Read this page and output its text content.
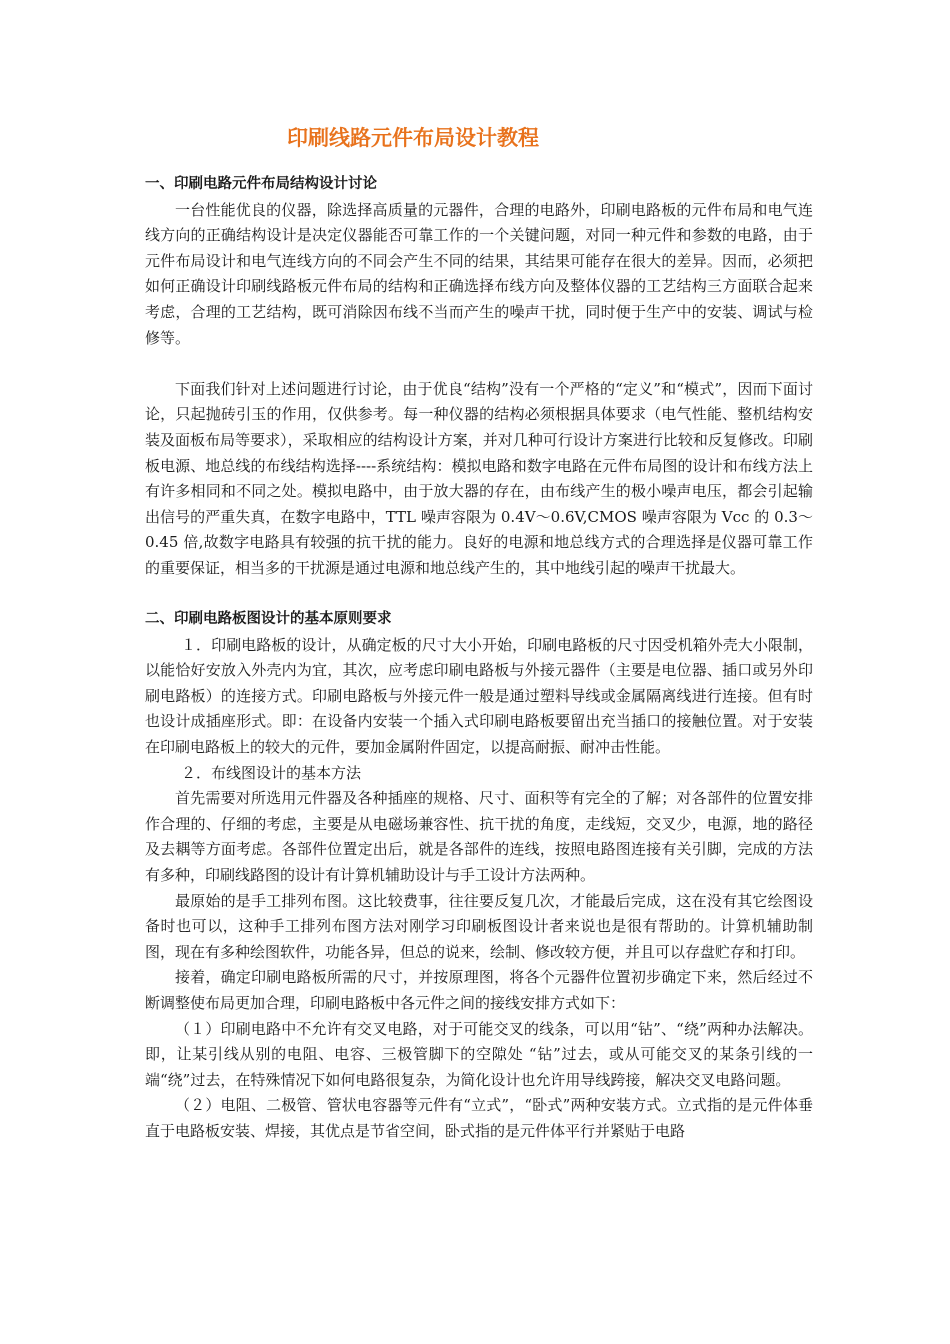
印刷线路元件布局设计教程

一、印刷电路元件布局结构设计讨论

一台性能优良的仪器，除选择高质量的元器件，合理的电路外，印刷电路板的元件布局和电气连线方向的正确结构设计是决定仪器能否可靠工作的一个关键问题，对同一种元件和参数的电路，由于元件布局设计和电气连线方向的不同会产生不同的结果，其结果可能存在很大的差异。因而，必须把如何正确设计印刷线路板元件布局的结构和正确选择布线方向及整体仪器的工艺结构三方面联合起来考虑，合理的工艺结构，既可消除因布线不当而产生的噪声干扰，同时便于生产中的安装、调试与检修等。

下面我们针对上述问题进行讨论，由于优良“结构”没有一个严格的“定义”和“模式”，因而下面讨论，只起抛砖引玉的作用，仅供参考。每一种仪器的结构必须根据具体要求（电气性能、整机结构安装及面板布局等要求），采取相应的结构设计方案，并对几种可行设计方案进行比较和反复修改。印刷板电源、地总线的布线结构选择----系统结构：模拟电路和数字电路在元件布局图的设计和布线方法上有许多相同和不同之处。模拟电路中，由于放大器的存在，由布线产生的极小噪声电压，都会引起输出信号的严重失真，在数字电路中，TTL 噪声容限为 0.4V～0.6V,CMOS 噪声容限为 Vcc 的 0.3～0.45 倍,故数字电路具有较强的抗干扰的能力。良好的电源和地总线方式的合理选择是仪器可靠工作的重要保证，相当多的干扰源是通过电源和地总线产生的，其中地线引起的噪声干扰最大。

二、印刷电路板图设计的基本原则要求

１．印刷电路板的设计，从确定板的尺寸大小开始，印刷电路板的尺寸因受机箱外壳大小限制，以能恰好安放入外壳内为宜，其次，应考虑印刷电路板与外接元器件（主要是电位器、插口或另外印刷电路板）的连接方式。印刷电路板与外接元件一般是通过塑料导线或金属隔离线进行连接。但有时也设计成插座形式。即：在设备内安装一个插入式印刷电路板要留出充当插口的接触位置。对于安装在印刷电路板上的较大的元件，要加金属附件固定，以提高耐振、耐冲击性能。

２．布线图设计的基本方法

首先需要对所选用元件器及各种插座的规格、尺寸、面积等有完全的了解；对各部件的位置安排作合理的、仔细的考虑，主要是从电磁场兼容性、抗干扰的角度，走线短，交叉少，电源，地的路径及去耦等方面考虑。各部件位置定出后，就是各部件的连线，按照电路图连接有关引脚，完成的方法有多种，印刷线路图的设计有计算机辅助设计与手工设计方法两种。

最原始的是手工排列布图。这比较费事，往往要反复几次，才能最后完成，这在没有其它绘图设备时也可以，这种手工排列布图方法对刚学习印刷板图设计者来说也是很有帮助的。计算机辅助制图，现在有多种绘图软件，功能各异，但总的说来，绘制、修改较方便，并且可以存盘贮存和打印。

接着，确定印刷电路板所需的尺寸，并按原理图，将各个元器件位置初步确定下来，然后经过不断调整使布局更加合理，印刷电路板中各元件之间的接线安排方式如下：

（１）印刷电路中不允许有交叉电路，对于可能交叉的线条，可以用“钻”、“绕”两种办法解决。即，让某引线从别的电阻、电容、三极管脚下的空隙处 “钻”过去，或从可能交叉的某条引线的一端“绕”过去，在特殊情况下如何电路很复杂，为简化设计也允许用导线跨接，解决交叉电路问题。

（２）电阻、二极管、管状电容器等元件有“立式”，“卧式”两种安装方式。立式指的是元件体垂直于电路板安装、焊接，其优点是节省空间，卧式指的是元件体平行并紧贴于电路
